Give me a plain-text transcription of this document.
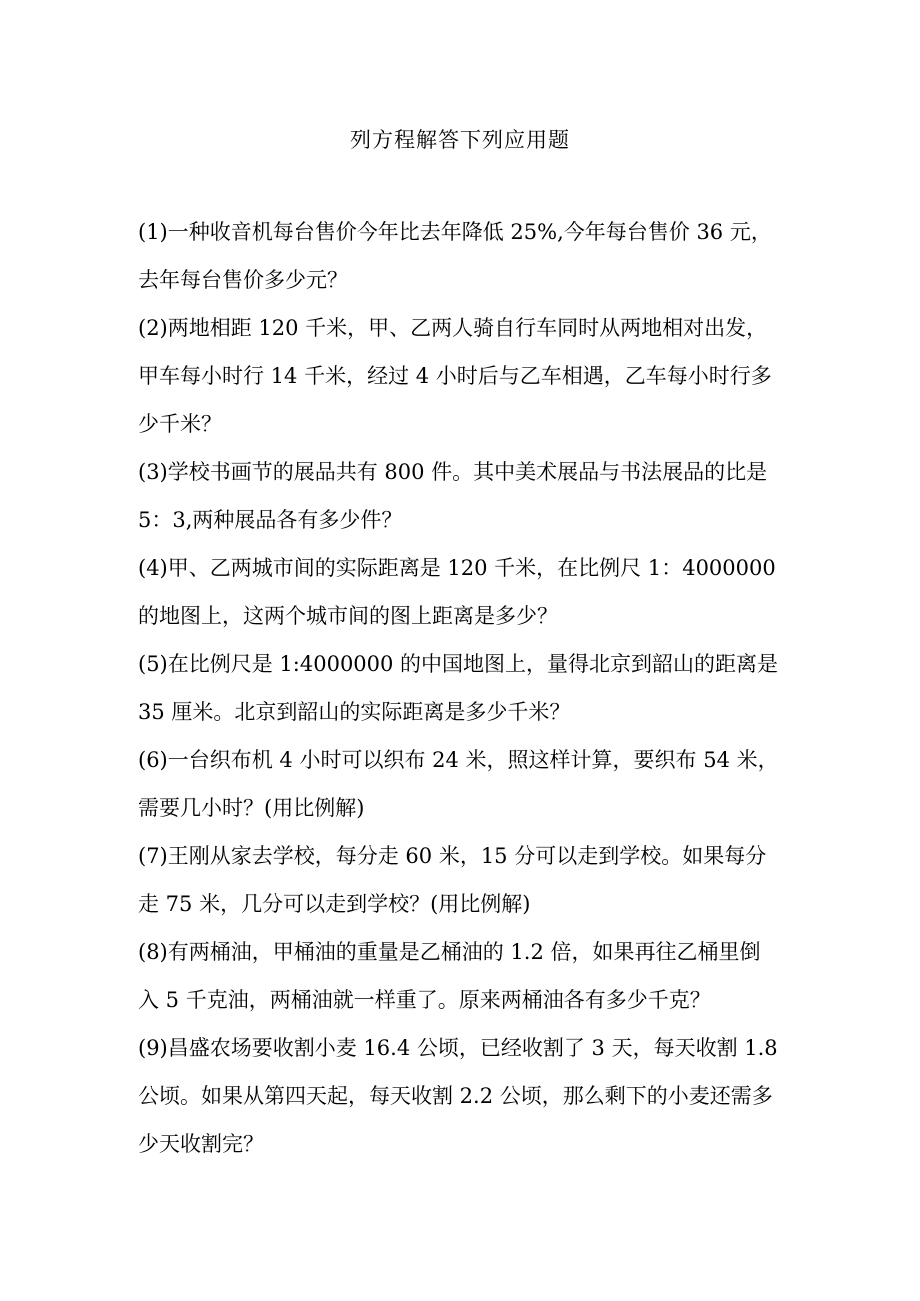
列方程解答下列应用题
(1)一种收音机每台售价今年比去年降低 25%,今年每台售价 36 元，
去年每台售价多少元？
(2)两地相距 120 千米，甲、乙两人骑自行车同时从两地相对出发，
甲车每小时行 14 千米，经过 4 小时后与乙车相遇，乙车每小时行多
少千米？
(3)学校书画节的展品共有 800 件。其中美术展品与书法展品的比是
5：3,两种展品各有多少件？
(4)甲、乙两城市间的实际距离是 120 千米，在比例尺 1：4000000
的地图上，这两个城市间的图上距离是多少？
(5)在比例尺是 1:4000000 的中国地图上，量得北京到韶山的距离是
35 厘米。北京到韶山的实际距离是多少千米？
(6)一台织布机 4 小时可以织布 24 米，照这样计算，要织布 54 米，
需要几小时？(用比例解)
(7)王刚从家去学校，每分走 60 米，15 分可以走到学校。如果每分
走 75 米，几分可以走到学校？(用比例解)
(8)有两桶油，甲桶油的重量是乙桶油的 1.2 倍，如果再往乙桶里倒
入 5 千克油，两桶油就一样重了。原来两桶油各有多少千克？
(9)昌盛农场要收割小麦 16.4 公顷，已经收割了 3 天，每天收割 1.8
公顷。如果从第四天起，每天收割 2.2 公顷，那么剩下的小麦还需多
少天收割完？
